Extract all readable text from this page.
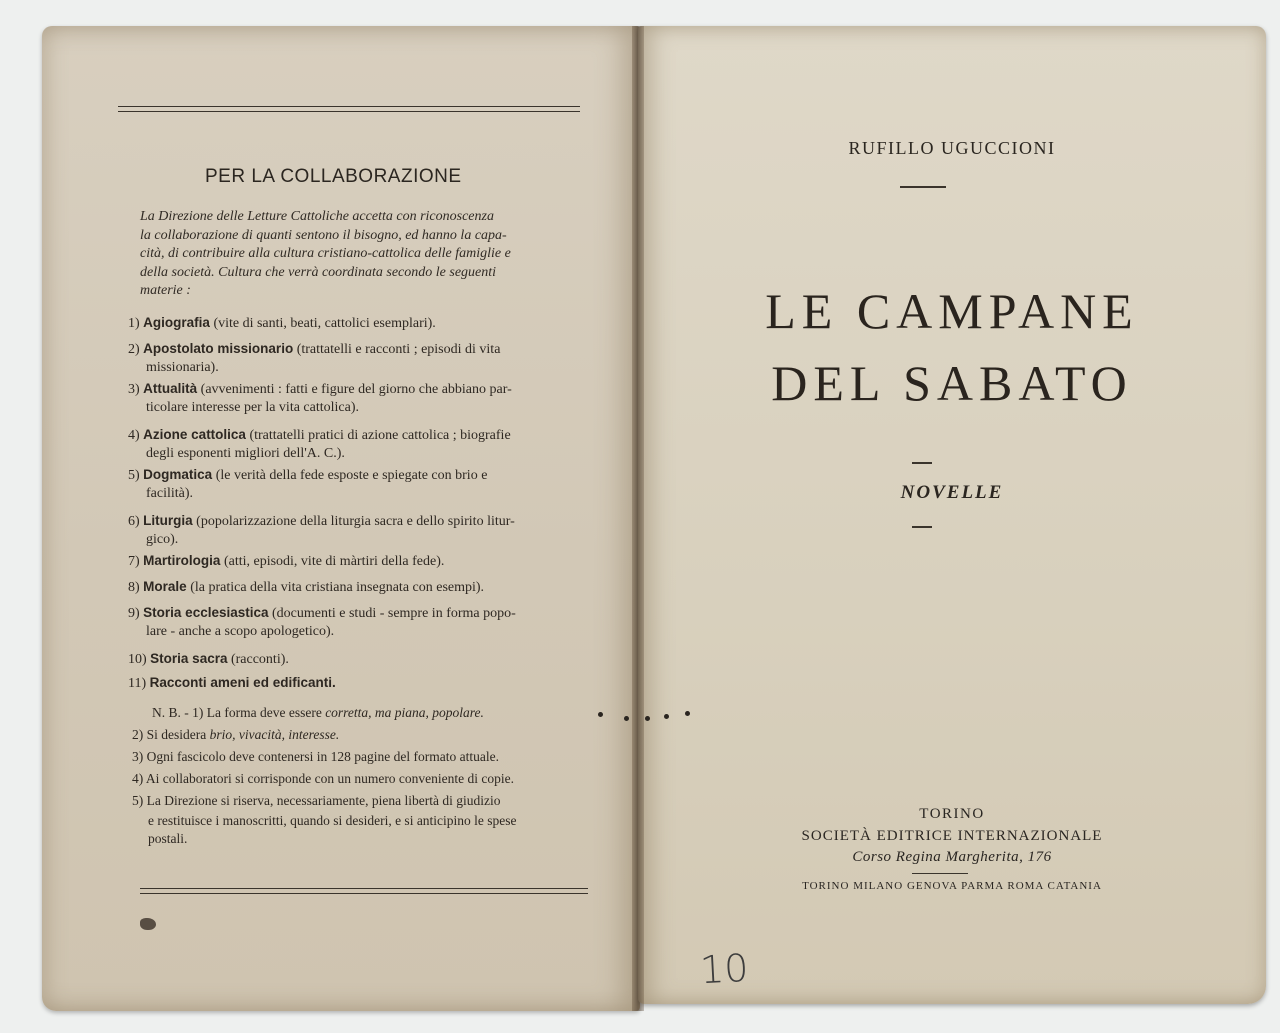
PER LA COLLABORAZIONE
La Direzione delle Letture Cattoliche accetta con riconoscenza
la collaborazione di quanti sentono il bisogno, ed hanno la capa-
cità, di contribuire alla cultura cristiano-cattolica delle famiglie e
della società. Cultura che verrà coordinata secondo le seguenti
materie :
1) Agiografia (vite di santi, beati, cattolici esemplari).
2) Apostolato missionario (trattatelli e racconti ; episodi di vita
missionaria).
3) Attualità (avvenimenti : fatti e figure del giorno che abbiano par-
ticolare interesse per la vita cattolica).
4) Azione cattolica (trattatelli pratici di azione cattolica ; biografie
degli esponenti migliori dell'A. C.).
5) Dogmatica (le verità della fede esposte e spiegate con brio e
facilità).
6) Liturgia (popolarizzazione della liturgia sacra e dello spirito litur-
gico).
7) Martirologia (atti, episodi, vite di màrtiri della fede).
8) Morale (la pratica della vita cristiana insegnata con esempi).
9) Storia ecclesiastica (documenti e studi - sempre in forma popo-
lare - anche a scopo apologetico).
10) Storia sacra (racconti).
11) Racconti ameni ed edificanti.
N. B. - 1) La forma deve essere corretta, ma piana, popolare.
2) Si desidera brio, vivacità, interesse.
3) Ogni fascicolo deve contenersi in 128 pagine del formato attuale.
4) Ai collaboratori si corrisponde con un numero conveniente di copie.
5) La Direzione si riserva, necessariamente, piena libertà di giudizio
e restituisce i manoscritti, quando si desideri, e si anticipino le spese
postali.
RUFILLO UGUCCIONI
LE CAMPANE
DEL SABATO
NOVELLE
TORINO
SOCIETÀ EDITRICE INTERNAZIONALE
Corso Regina Margherita, 176
TORINO MILANO GENOVA PARMA ROMA CATANIA
10
